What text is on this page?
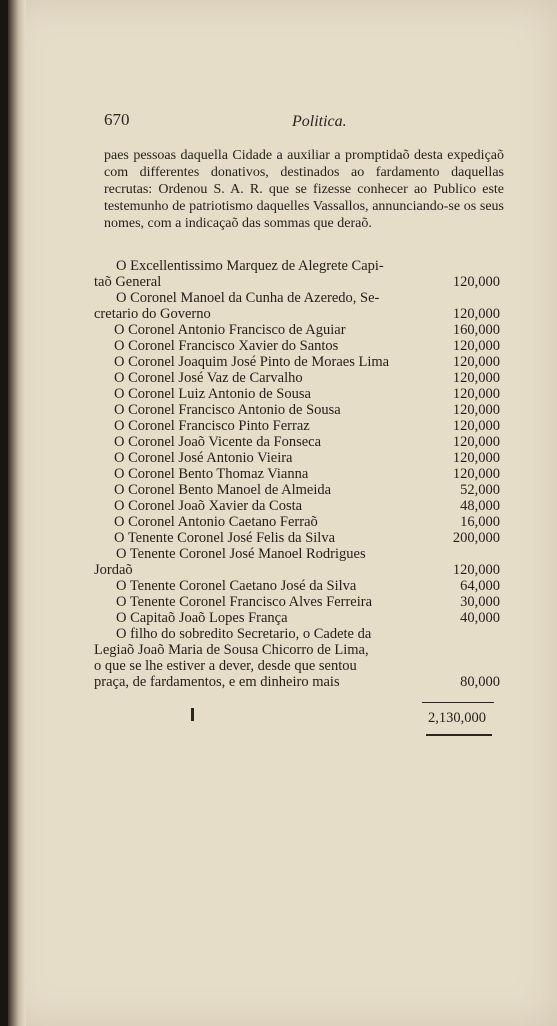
670	Politica.
paes pessoas daquella Cidade a auxiliar a promptidaõ desta expediçaõ com differentes donativos, destinados ao fardamento daquellas recrutas: Ordenou S. A. R. que se fizesse conhecer ao Publico este testemunho de patriotismo daquelles Vassallos, annunciando-se os seus nomes, com a indicaçaõ das sommas que deraõ.
O Excellentissimo Marquez de Alegrete Capi-
taõ General	120,000
O Coronel Manoel da Cunha de Azeredo, Se-
cretario do Governo	120,000
O Coronel Antonio Francisco de Aguiar	160,000
O Coronel Francisco Xavier do Santos	120,000
O Coronel Joaquim José Pinto de Moraes Lima	120,000
O Coronel José Vaz de Carvalho	120,000
O Coronel Luiz Antonio de Sousa	120,000
O Coronel Francisco Antonio de Sousa	120,000
O Coronel Francisco Pinto Ferraz	120,000
O Coronel Joaõ Vicente da Fonseca	120,000
O Coronel José Antonio Vieira	120,000
O Coronel Bento Thomaz Vianna	120,000
O Coronel Bento Manoel de Almeida	52,000
O Coronel Joaõ Xavier da Costa	48,000
O Coronel Antonio Caetano Ferraõ	16,000
O Tenente Coronel José Felis da Silva	200,000
O Tenente Coronel José Manoel Rodrigues
Jordaõ	120,000
O Tenente Coronel Caetano José da Silva	64,000
O Tenente Coronel Francisco Alves Ferreira	30,000
O Capitaõ Joaõ Lopes França	40,000
O filho do sobredito Secretario, o Cadete da
Legiaõ Joaõ Maria de Sousa Chicorro de Lima,
o que se lhe estiver a dever, desde que sentou
praça, de fardamentos, e em dinheiro mais	80,000
2,130,000
